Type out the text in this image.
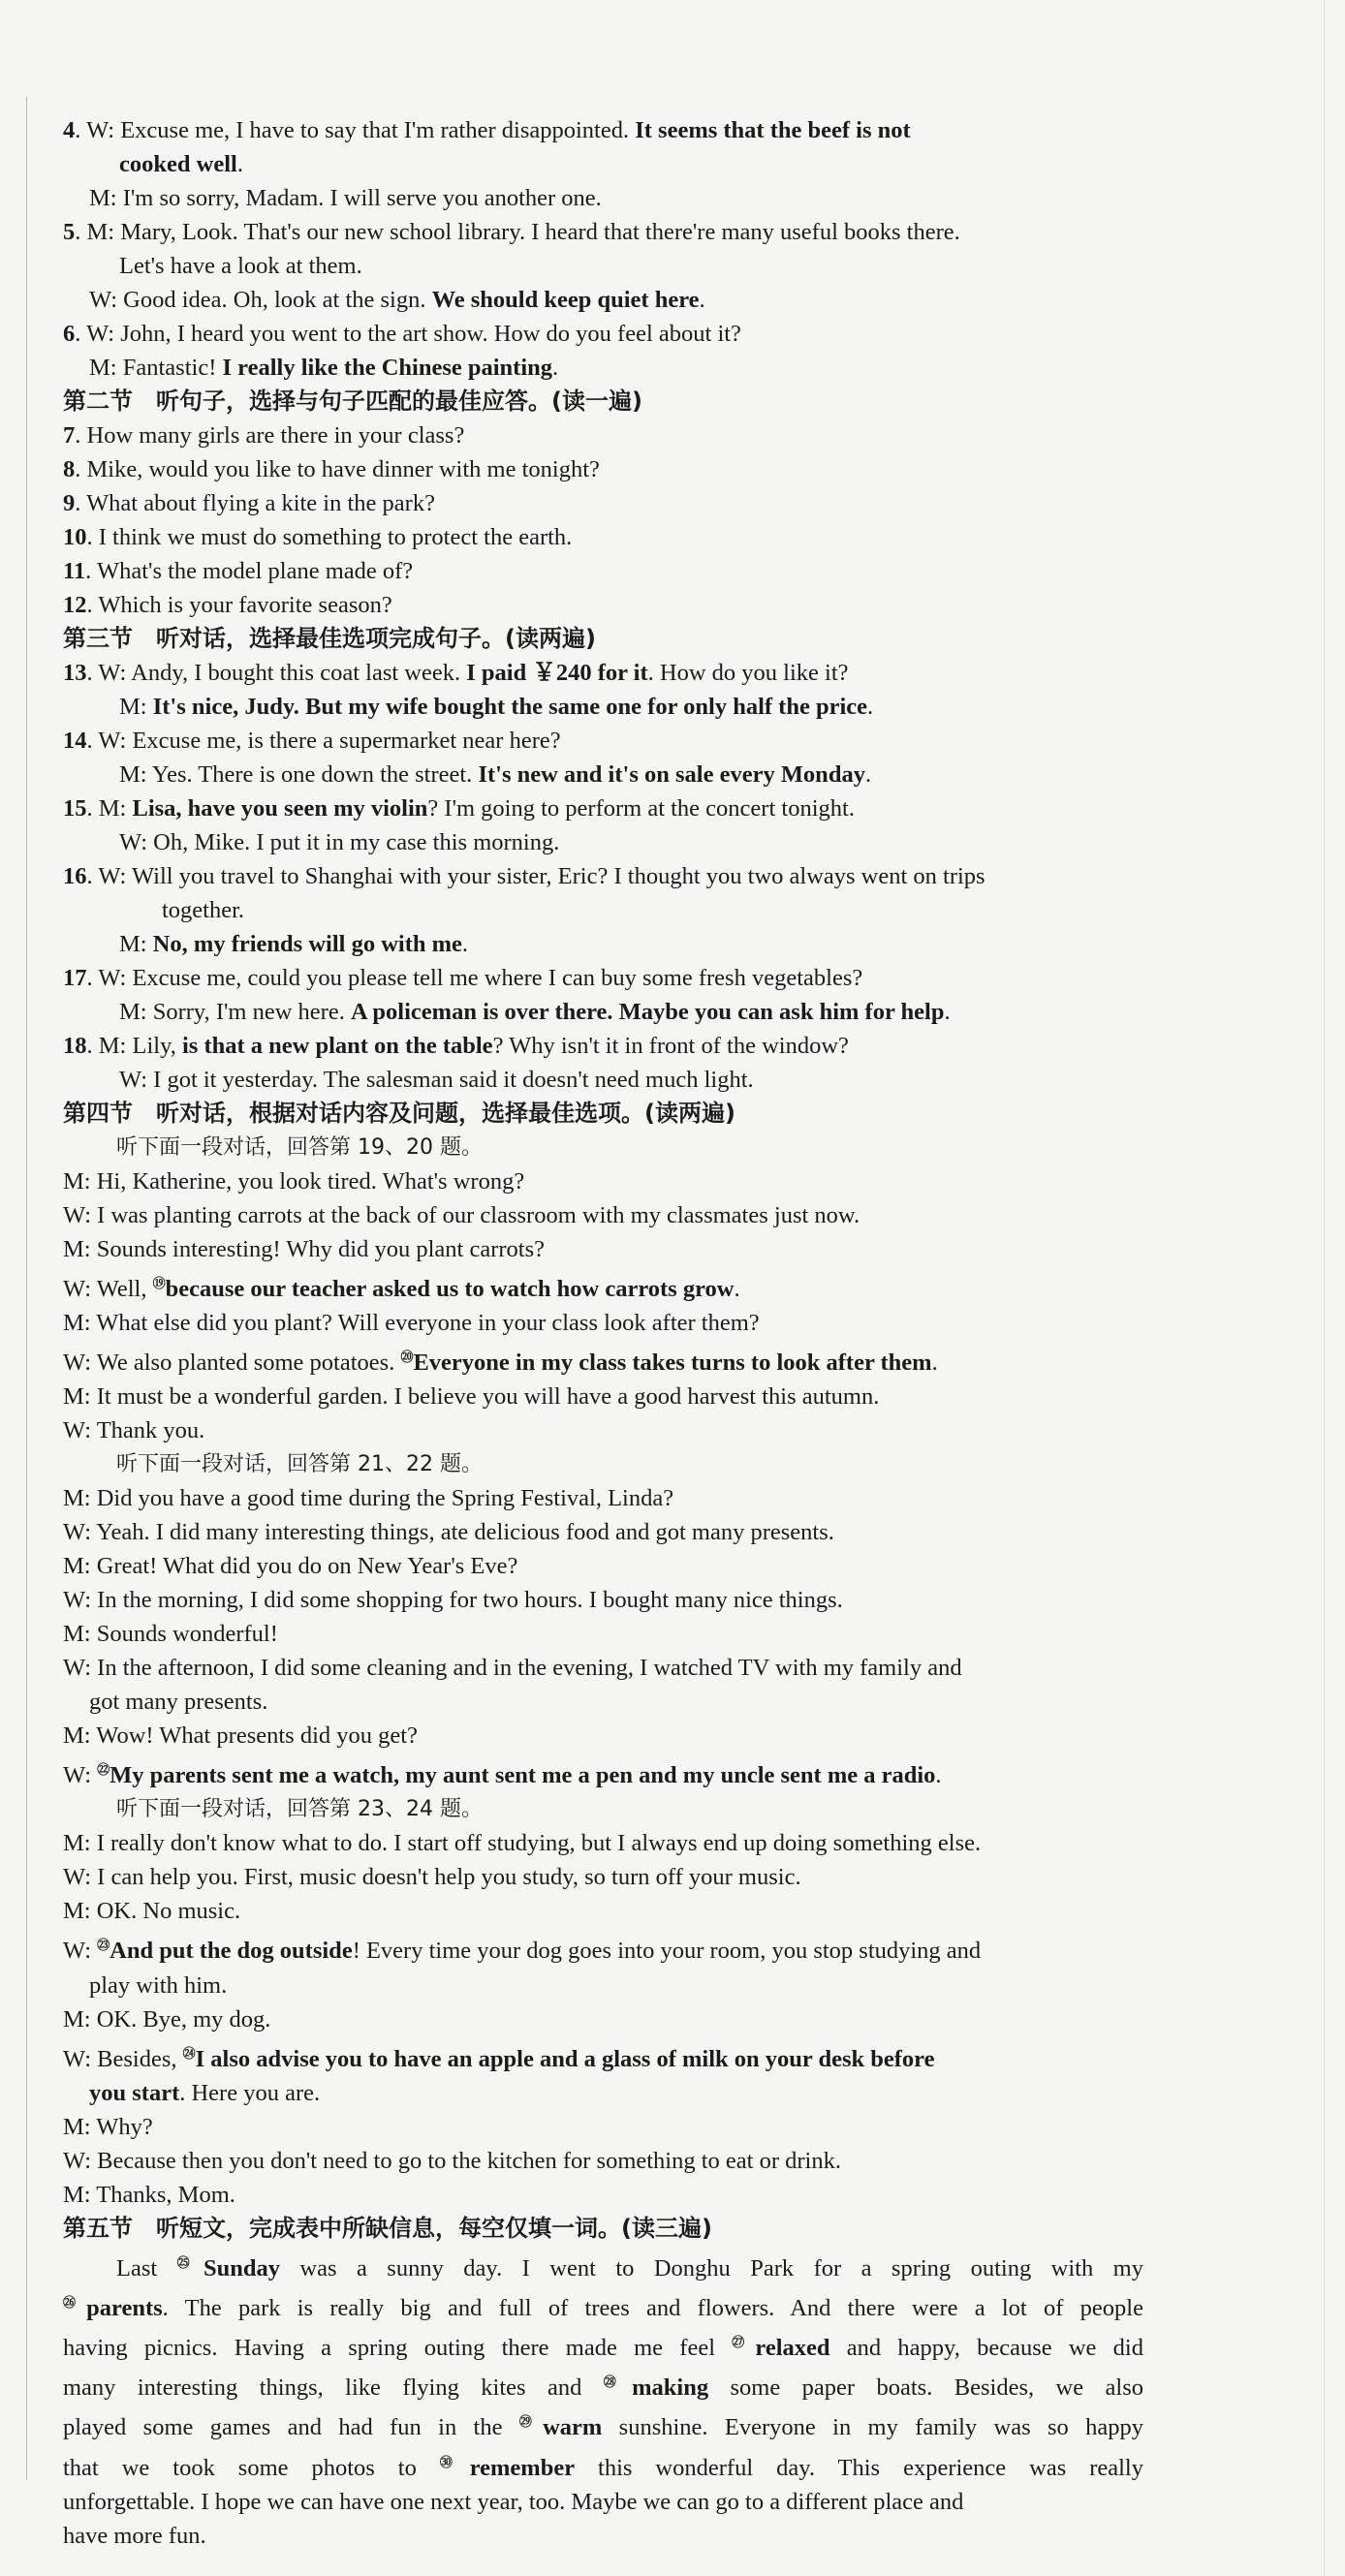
4. W: Excuse me, I have to say that I'm rather disappointed. It seems that the beef is not
cooked well.
M: I'm so sorry, Madam. I will serve you another one.
5. M: Mary, Look. That's our new school library. I heard that there're many useful books there.
Let's have a look at them.
W: Good idea. Oh, look at the sign. We should keep quiet here.
6. W: John, I heard you went to the art show. How do you feel about it?
M: Fantastic! I really like the Chinese painting.
第二节　听句子，选择与句子匹配的最佳应答。(读一遍)
7. How many girls are there in your class?
8. Mike, would you like to have dinner with me tonight?
9. What about flying a kite in the park?
10. I think we must do something to protect the earth.
11. What's the model plane made of?
12. Which is your favorite season?
第三节　听对话，选择最佳选项完成句子。(读两遍)
13. W: Andy, I bought this coat last week. I paid ￥240 for it. How do you like it?
M: It's nice, Judy. But my wife bought the same one for only half the price.
14. W: Excuse me, is there a supermarket near here?
M: Yes. There is one down the street. It's new and it's on sale every Monday.
15. M: Lisa, have you seen my violin? I'm going to perform at the concert tonight.
W: Oh, Mike. I put it in my case this morning.
16. W: Will you travel to Shanghai with your sister, Eric? I thought you two always went on trips
together.
M: No, my friends will go with me.
17. W: Excuse me, could you please tell me where I can buy some fresh vegetables?
M: Sorry, I'm new here. A policeman is over there. Maybe you can ask him for help.
18. M: Lily, is that a new plant on the table? Why isn't it in front of the window?
W: I got it yesterday. The salesman said it doesn't need much light.
第四节　听对话，根据对话内容及问题，选择最佳选项。(读两遍)
听下面一段对话，回答第 19、20 题。
M: Hi, Katherine, you look tired. What's wrong?
W: I was planting carrots at the back of our classroom with my classmates just now.
M: Sounds interesting! Why did you plant carrots?
W: Well, ⑲because our teacher asked us to watch how carrots grow.
M: What else did you plant? Will everyone in your class look after them?
W: We also planted some potatoes. ⑳Everyone in my class takes turns to look after them.
M: It must be a wonderful garden. I believe you will have a good harvest this autumn.
W: Thank you.
听下面一段对话，回答第 21、22 题。
M: Did you have a good time during the Spring Festival, Linda?
W: Yeah. I did many interesting things, ate delicious food and got many presents.
M: Great! What did you do on New Year's Eve?
W: In the morning, I did some shopping for two hours. I bought many nice things.
M: Sounds wonderful!
W: In the afternoon, I did some cleaning and in the evening, I watched TV with my family and
got many presents.
M: Wow! What presents did you get?
W: $^㉒$My parents sent me a watch, my aunt sent me a pen and my uncle sent me a radio.
听下面一段对话，回答第 23、24 题。
M: I really don't know what to do. I start off studying, but I always end up doing something else.
W: I can help you. First, music doesn't help you study, so turn off your music.
M: OK. No music.
W: $^㉓$And put the dog outside! Every time your dog goes into your room, you stop studying and
play with him.
M: OK. Bye, my dog.
W: Besides, $^㉔$I also advise you to have an apple and a glass of milk on your desk before
you start. Here you are.
M: Why?
W: Because then you don't need to go to the kitchen for something to eat or drink.
M: Thanks, Mom.
第五节　听短文，完成表中所缺信息，每空仅填一词。(读三遍)
Last $^㉕$Sunday was a sunny day. I went to Donghu Park for a spring outing with my
$^㉖$parents. The park is really big and full of trees and flowers. And there were a lot of people
having picnics. Having a spring outing there made me feel $^㉗$relaxed and happy, because we did
many interesting things, like flying kites and $^㉘$making some paper boats. Besides, we also
played some games and had fun in the $^㉙$warm sunshine. Everyone in my family was so happy
that we took some photos to $^㉚$remember this wonderful day. This experience was really
unforgettable. I hope we can have one next year, too. Maybe we can go to a different place and
have more fun.
